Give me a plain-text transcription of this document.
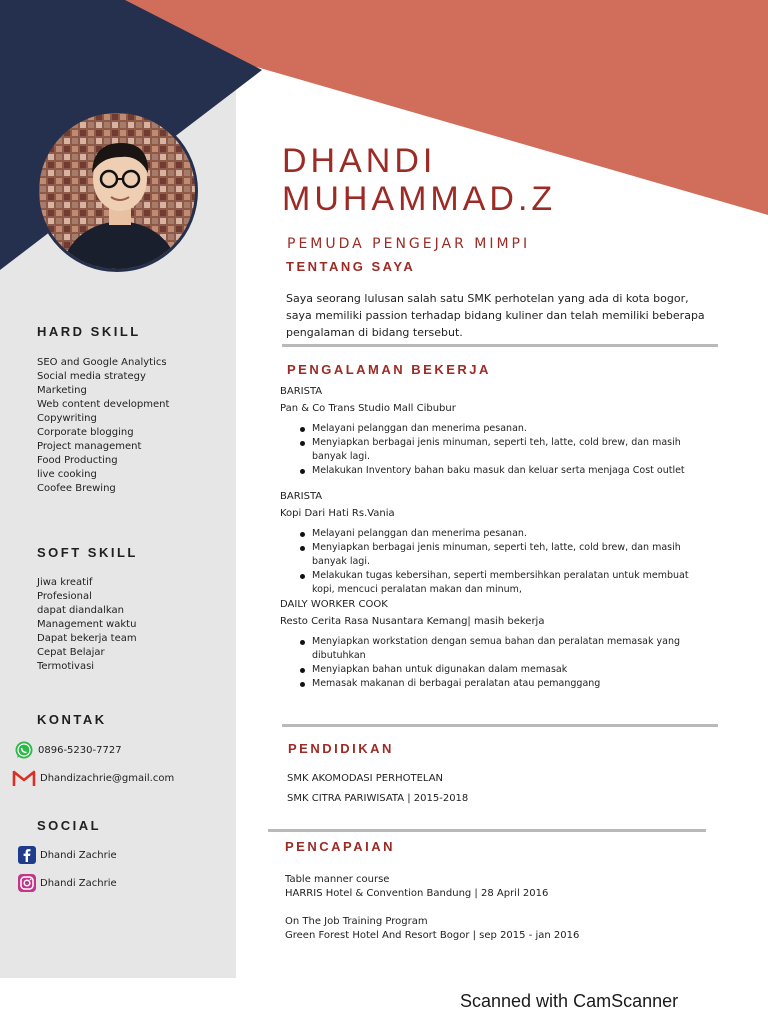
DHANDI
MUHAMMAD.Z
PEMUDA PENGEJAR MIMPI
TENTANG SAYA

Saya seorang lulusan salah satu SMK perhotelan yang ada di kota bogor, saya memiliki passion terhadap bidang kuliner dan telah memiliki beberapa pengalaman di bidang tersebut.

PENGALAMAN BEKERJA
BARISTA
Pan & Co Trans Studio Mall Cibubur
Melayani pelanggan dan menerima pesanan.
Menyiapkan berbagai jenis minuman, seperti teh, latte, cold brew, dan masih banyak lagi.
Melakukan Inventory bahan baku masuk dan keluar serta menjaga Cost outlet
BARISTA
Kopi Dari Hati Rs.Vania
Melayani pelanggan dan menerima pesanan.
Menyiapkan berbagai jenis minuman, seperti teh, latte, cold brew, dan masih banyak lagi.
Melakukan tugas kebersihan, seperti membersihkan peralatan untuk membuat kopi, mencuci peralatan makan dan minum,
DAILY WORKER COOK
Resto Cerita Rasa Nusantara Kemang| masih bekerja
Menyiapkan workstation dengan semua bahan dan peralatan memasak yang dibutuhkan
Menyiapkan bahan untuk digunakan dalam memasak
Memasak makanan di berbagai peralatan atau pemanggang
PENDIDIKAN
SMK AKOMODASI PERHOTELAN
SMK CITRA PARIWISATA | 2015-2018
PENCAPAIAN
Table manner course
HARRIS Hotel & Convention Bandung | 28 April 2016
On The Job Training Program
Green Forest Hotel And Resort Bogor | sep 2015 - jan 2016
HARD SKILL
SEO and Google Analytics
Social media strategy
Marketing
Web content development
Copywriting
Corporate blogging
Project management
Food Producting
live cooking
Coofee Brewing
SOFT SKILL
Jiwa kreatif
Profesional
dapat diandalkan
Management waktu
Dapat bekerja team
Cepat Belajar
Termotivasi
KONTAK
0896-5230-7727
Dhandizachrie@gmail.com
SOCIAL
Dhandi Zachrie
Dhandi Zachrie
Scanned with CamScanner
